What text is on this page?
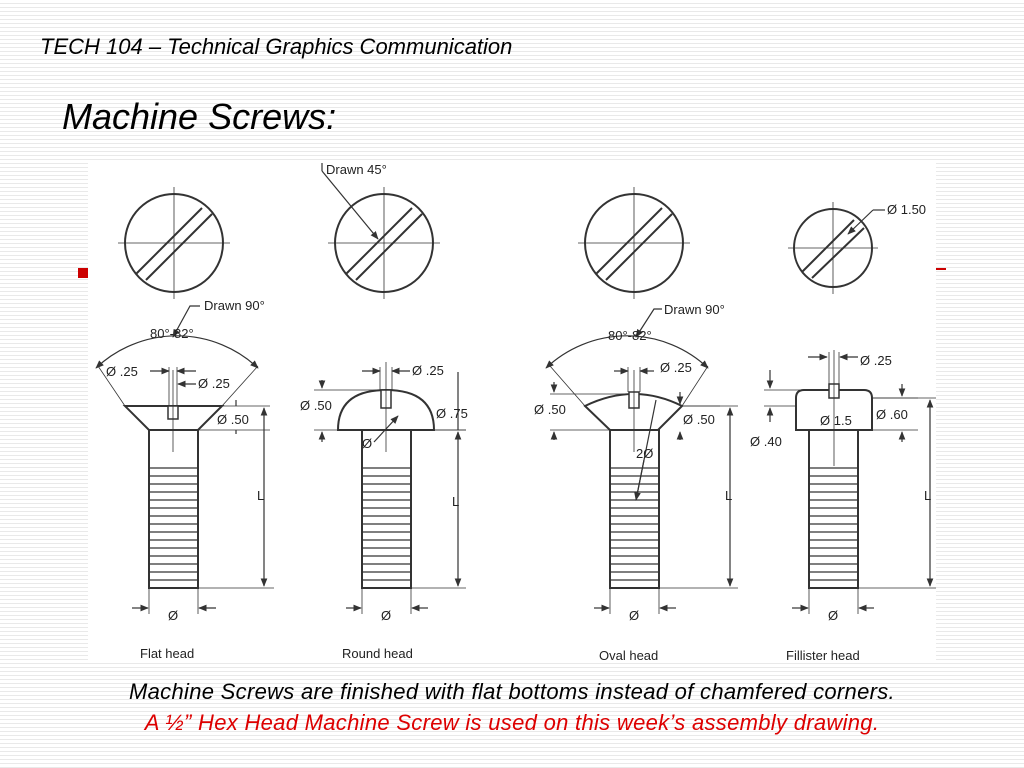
TECH 104 – Technical Graphics Communication
Machine Screws:
Drawn 45°
Ø 1.50
Drawn 90°
80°-82°
Ø .25
Ø .25
Ø .50
L
Ø
Flat head
Ø .25
Ø .50
Ø .75
Ø
L
Ø
Round head
Drawn 90°
80°-82°
Ø .25
Ø .50
Ø .50
2Ø
L
Ø
Oval head
Ø .25
Ø 1.5 Ø .60
Ø .40
L
Ø
Fillister head
Machine Screws are finished with flat bottoms instead of chamfered corners.
A ½” Hex Head Machine Screw is used on this week’s assembly drawing.
